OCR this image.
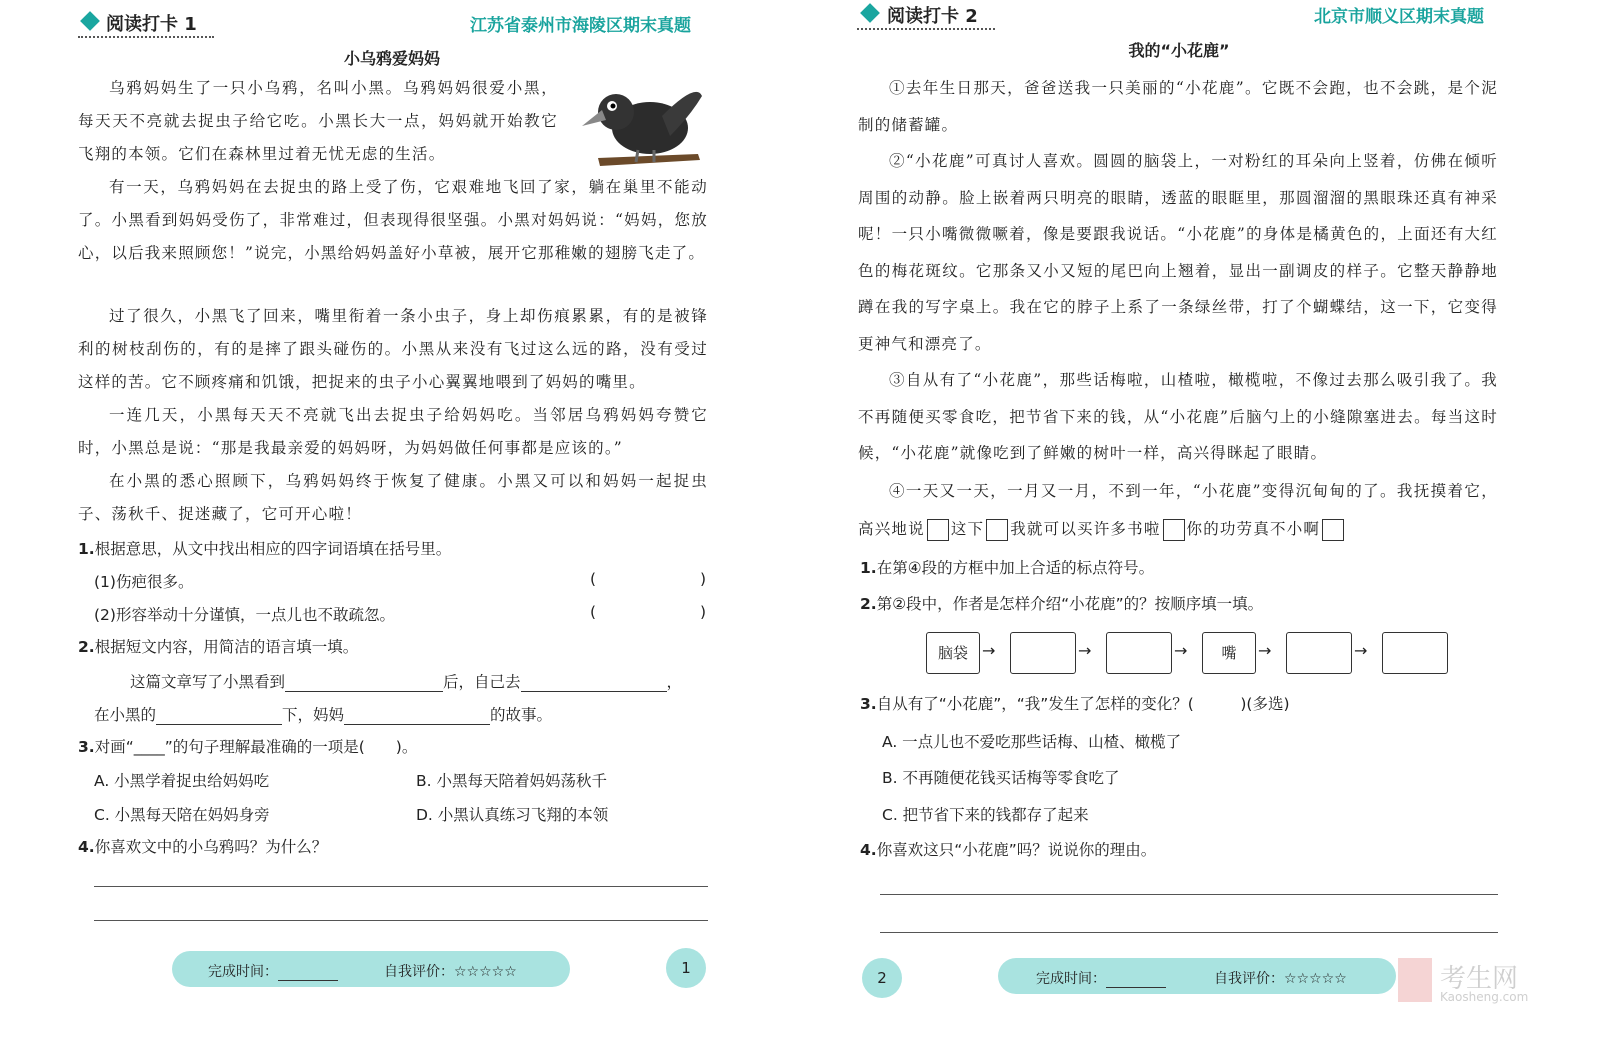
阅读打卡 1	江苏省泰州市海陵区期末真题
小乌鸦爱妈妈
乌鸦妈妈生了一只小乌鸦，名叫小黑。乌鸦妈妈很爱小黑，每天天不亮就去捉虫子给它吃。小黑长大一点，妈妈就开始教它飞翔的本领。它们在森林里过着无忧无虑的生活。
有一天，乌鸦妈妈在去捉虫的路上受了伤，它艰难地飞回了家，躺在巢里不能动了。小黑看到妈妈受伤了，非常难过，但表现得很坚强。小黑对妈妈说：“妈妈，您放心，以后我来照顾您！”说完，小黑给妈妈盖好小草被，展开它那稚嫩的翅膀飞走了。
过了很久，小黑飞了回来，嘴里衔着一条小虫子，身上却伤痕累累，有的是被锋利的树枝刮伤的，有的是摔了跟头碰伤的。小黑从来没有飞过这么远的路，没有受过这样的苦。它不顾疼痛和饥饿，把捉来的虫子小心翼翼地喂到了妈妈的嘴里。
一连几天，小黑每天天不亮就飞出去捉虫子给妈妈吃。当邻居乌鸦妈妈夸赞它时，小黑总是说：“那是我最亲爱的妈妈呀，为妈妈做任何事都是应该的。”
在小黑的悉心照顾下，乌鸦妈妈终于恢复了健康。小黑又可以和妈妈一起捉虫子、荡秋千、捉迷藏了，它可开心啦！
1.根据意思，从文中找出相应的四字词语填在括号里。
(1)伤疤很多。	(	)
(2)形容举动十分谨慎，一点儿也不敢疏忽。	(	)
2.根据短文内容，用简洁的语言填一填。
这篇文章写了小黑看到	后，自己去	，
在小黑的	下，妈妈	的故事。
3.对画“____”的句子理解最准确的一项是(　　)。
A. 小黑学着捉虫给妈妈吃	B. 小黑每天陪着妈妈荡秋千
C. 小黑每天陪在妈妈身旁	D. 小黑认真练习飞翔的本领
4.你喜欢文中的小乌鸦吗？为什么？
完成时间：	自我评价：☆☆☆☆☆	1
阅读打卡 2	北京市顺义区期末真题
我的“小花鹿”
①去年生日那天，爸爸送我一只美丽的“小花鹿”。它既不会跑，也不会跳，是个泥制的储蓄罐。
②“小花鹿”可真讨人喜欢。圆圆的脑袋上，一对粉红的耳朵向上竖着，仿佛在倾听周围的动静。脸上嵌着两只明亮的眼睛，透蓝的眼眶里，那圆溜溜的黑眼珠还真有神采呢！一只小嘴微微噘着，像是要跟我说话。“小花鹿”的身体是橘黄色的，上面还有大红色的梅花斑纹。它那条又小又短的尾巴向上翘着，显出一副调皮的样子。它整天静静地蹲在我的写字桌上。我在它的脖子上系了一条绿丝带，打了个蝴蝶结，这一下，它变得更神气和漂亮了。
③自从有了“小花鹿”，那些话梅啦，山楂啦，橄榄啦，不像过去那么吸引我了。我不再随便买零食吃，把节省下来的钱，从“小花鹿”后脑勺上的小缝隙塞进去。每当这时候，“小花鹿”就像吃到了鲜嫩的树叶一样，高兴得眯起了眼睛。
④一天又一天，一月又一月，不到一年，“小花鹿”变得沉甸甸的了。我抚摸着它，高兴地说 这下 我就可以买许多书啦 你的功劳真不小啊
1.在第④段的方框中加上合适的标点符号。
2.第②段中，作者是怎样介绍“小花鹿”的？按顺序填一填。
脑袋 →	→	→	嘴	→	→
3.自从有了“小花鹿”，“我”发生了怎样的变化？(　　　)(多选)
A. 一点儿也不爱吃那些话梅、山楂、橄榄了
B. 不再随便花钱买话梅等零食吃了
C. 把节省下来的钱都存了起来
4.你喜欢这只“小花鹿”吗？说说你的理由。
2	完成时间：	自我评价：☆☆☆☆☆	考生网
Kaosheng.com
